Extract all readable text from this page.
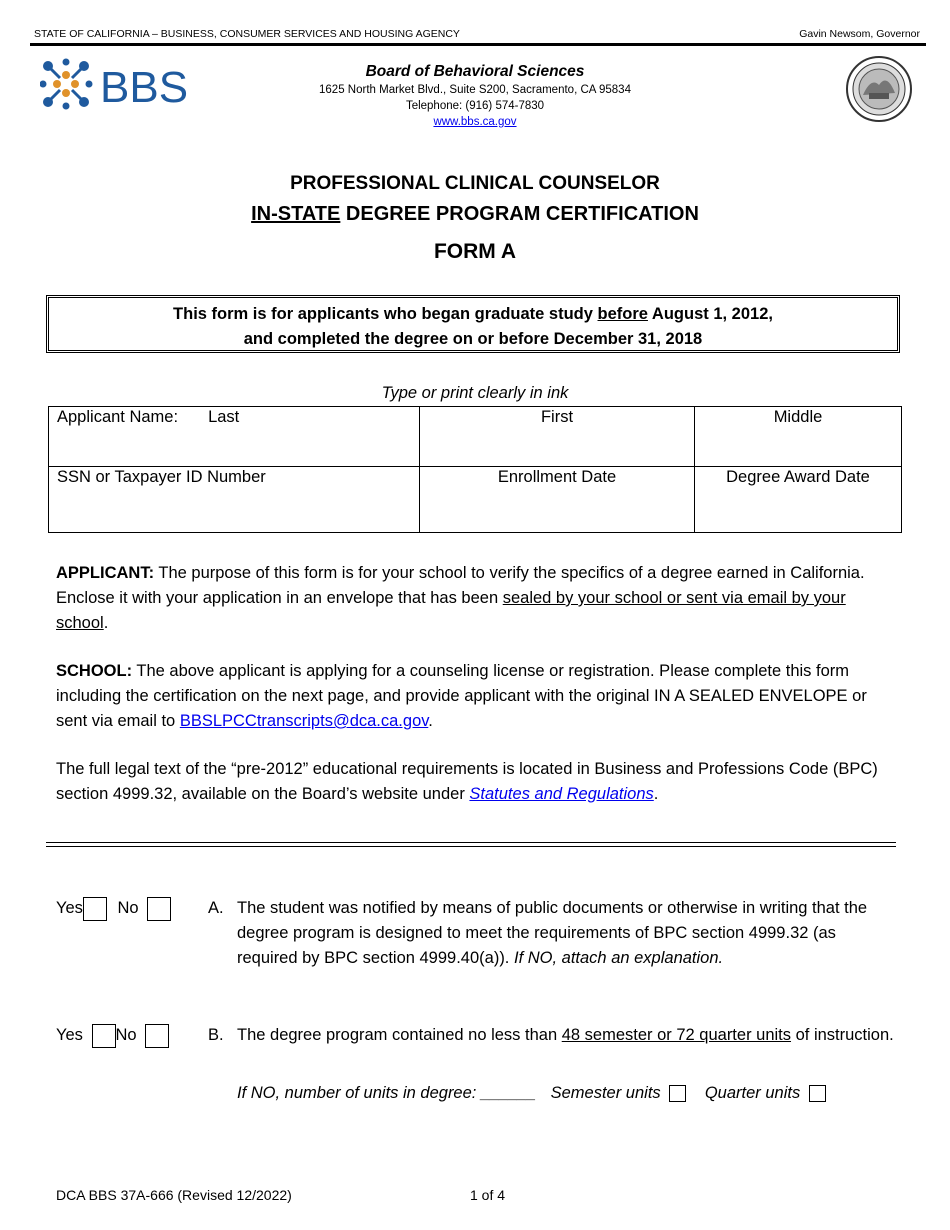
STATE OF CALIFORNIA – BUSINESS, CONSUMER SERVICES AND HOUSING AGENCY	Gavin Newsom, Governor
BBS	Board of Behavioral Sciences
1625 North Market Blvd., Suite S200, Sacramento, CA 95834
Telephone: (916) 574-7830
www.bbs.ca.gov
PROFESSIONAL CLINICAL COUNSELOR
IN-STATE DEGREE PROGRAM CERTIFICATION
FORM A
This form is for applicants who began graduate study before August 1, 2012,
and completed the degree on or before December 31, 2018
Type or print clearly in ink
Applicant Name: Last	First	Middle
SSN or Taxpayer ID Number	Enrollment Date	Degree Award Date
APPLICANT: The purpose of this form is for your school to verify the specifics of a degree earned in California. Enclose it with your application in an envelope that has been sealed by your school or sent via email by your school.
SCHOOL: The above applicant is applying for a counseling license or registration. Please complete this form including the certification on the next page, and provide applicant with the original IN A SEALED ENVELOPE or sent via email to BBSLPCCtranscripts@dca.ca.gov.
The full legal text of the “pre-2012” educational requirements is located in Business and Professions Code (BPC) section 4999.32, available on the Board’s website under Statutes and Regulations.
Yes No	A. The student was notified by means of public documents or otherwise in writing that the degree program is designed to meet the requirements of BPC section 4999.32 (as required by BPC section 4999.40(a)). If NO, attach an explanation.
Yes No	B. The degree program contained no less than 48 semester or 72 quarter units of instruction.
If NO, number of units in degree: ______ Semester units	Quarter units
DCA BBS 37A-666 (Revised 12/2022)	1 of 4
